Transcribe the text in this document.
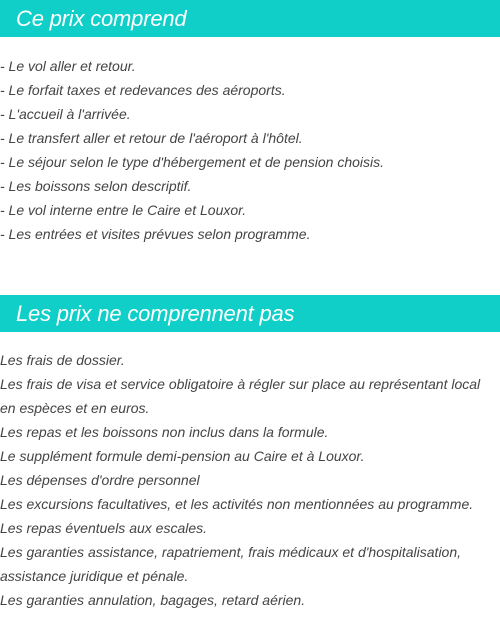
Ce prix comprend
- Le vol aller et retour.
- Le forfait taxes et redevances des aéroports.
- L'accueil à l'arrivée.
- Le transfert aller et retour de l'aéroport à l'hôtel.
- Le séjour selon le type d'hébergement et de pension choisis.
- Les boissons selon descriptif.
- Le vol interne entre le Caire et Louxor.
- Les entrées et visites prévues selon programme.
Les prix ne comprennent pas
Les frais de dossier.
Les frais de visa et service obligatoire à régler sur place au représentant local en espèces et en euros.
Les repas et les boissons non inclus dans la formule.
Le supplément formule demi-pension au Caire et à Louxor.
Les dépenses d'ordre personnel
Les excursions facultatives, et les activités non mentionnées au programme.
Les repas éventuels aux escales.
Les garanties assistance, rapatriement, frais médicaux et d'hospitalisation, assistance juridique et pénale.
Les garanties annulation, bagages, retard aérien.
